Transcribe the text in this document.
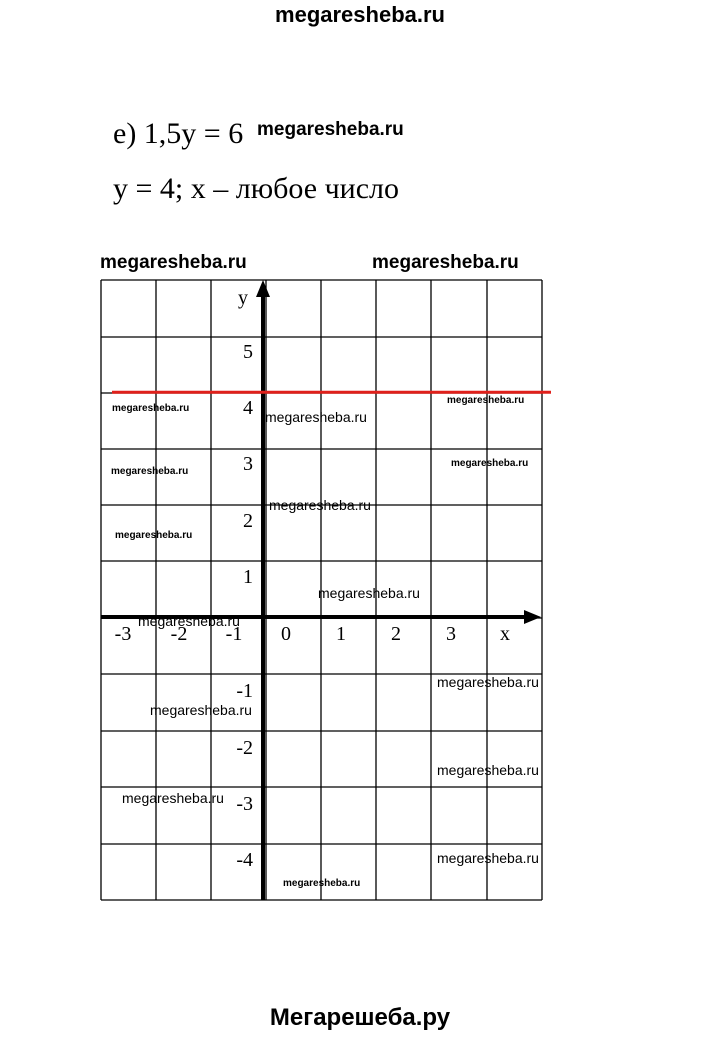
megaresheba.ru
е) 1,5y = 6
y = 4; x – любое число
y
x
-3 -2 -1 0 1 2 3
5
4
3
2
1
-1
-2
-3
-4
megaresheba.ru
megaresheba.ru	megaresheba.ru
megaresheba.ru
megaresheba.ru
megaresheba.ru
megaresheba.ru
megaresheba.ru
megaresheba.ru
megaresheba.ru
megaresheba.ru
megaresheba.ru
megaresheba.ru
megaresheba.ru
megaresheba.ru
megaresheba.ru
megaresheba.ru
megaresheba.ru
Мегарешеба.ру
